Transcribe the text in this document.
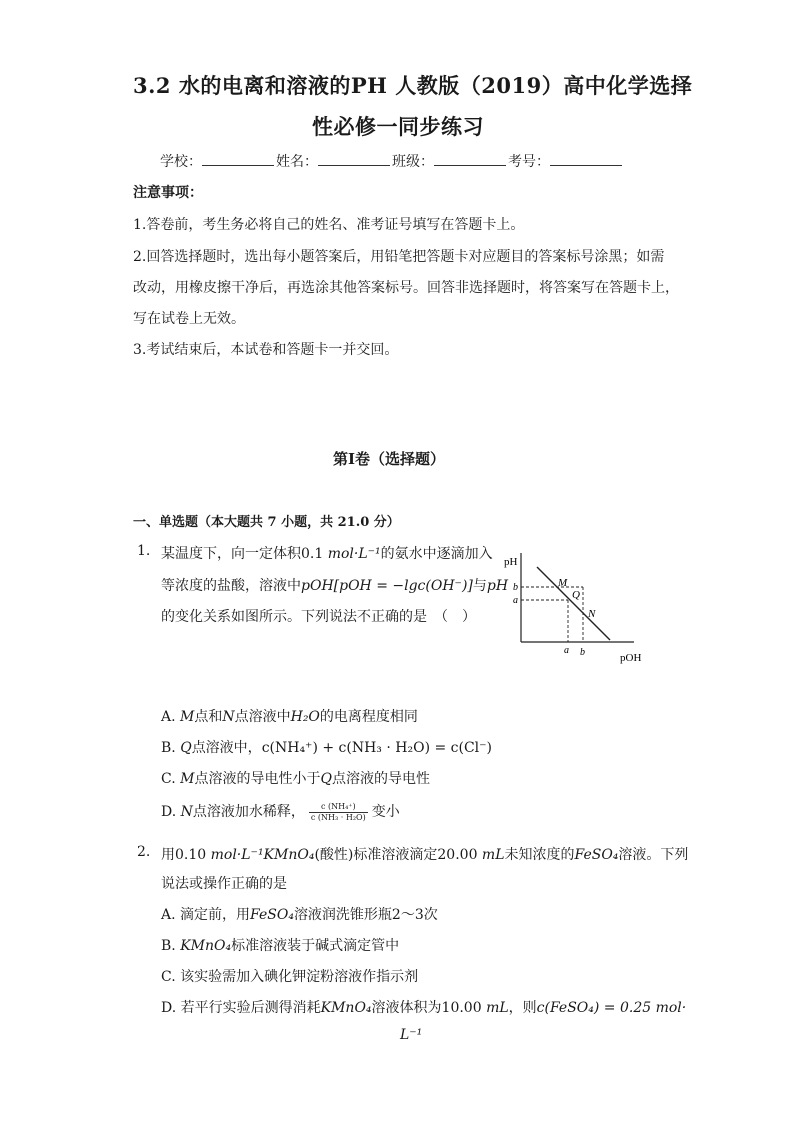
3.2 水的电离和溶液的PH 人教版（2019）高中化学选择
性必修一同步练习
学校：	姓名：	班级：	考号：
注意事项：
1.答卷前，考生务必将自己的姓名、准考证号填写在答题卡上。
2.回答选择题时，选出每小题答案后，用铅笔把答题卡对应题目的答案标号涂黑；如需
改动，用橡皮擦干净后，再选涂其他答案标号。回答非选择题时，将答案写在答题卡上，
写在试卷上无效。
3.考试结束后，本试卷和答题卡一并交回。
第Ⅰ卷（选择题）
一、单选题（本大题共 7 小题，共 21.0 分）
1. 某温度下，向一定体积0.1 mol·L⁻¹的氨水中逐滴加入
等浓度的盐酸，溶液中pOH[pOH = −lgc(OH⁻)]与pH
的变化关系如图所示。下列说法不正确的是　（　）
pH
pOH
b
a
a b
M
Q
N
A. M点和N点溶液中H₂O的电离程度相同
B. Q点溶液中，c(NH₄⁺) + c(NH₃ · H₂O) = c(Cl⁻)
C. M点溶液的导电性小于Q点溶液的导电性
D. N点溶液加水稀释， $\frac{\text{c (NH₄⁺)}}{\text{c (NH₃ · H₂O)}}$ 变小
2. 用0.10 mol·L⁻¹KMnO₄(酸性)标准溶液滴定20.00 mL未知浓度的FeSO₄溶液。下列
说法或操作正确的是
A. 滴定前，用FeSO₄溶液润洗锥形瓶2～3次
B. KMnO₄标准溶液装于碱式滴定管中
C. 该实验需加入碘化钾淀粉溶液作指示剂
D. 若平行实验后测得消耗KMnO₄溶液体积为10.00 mL，则c(FeSO₄) = 0.25 mol·
L⁻¹
